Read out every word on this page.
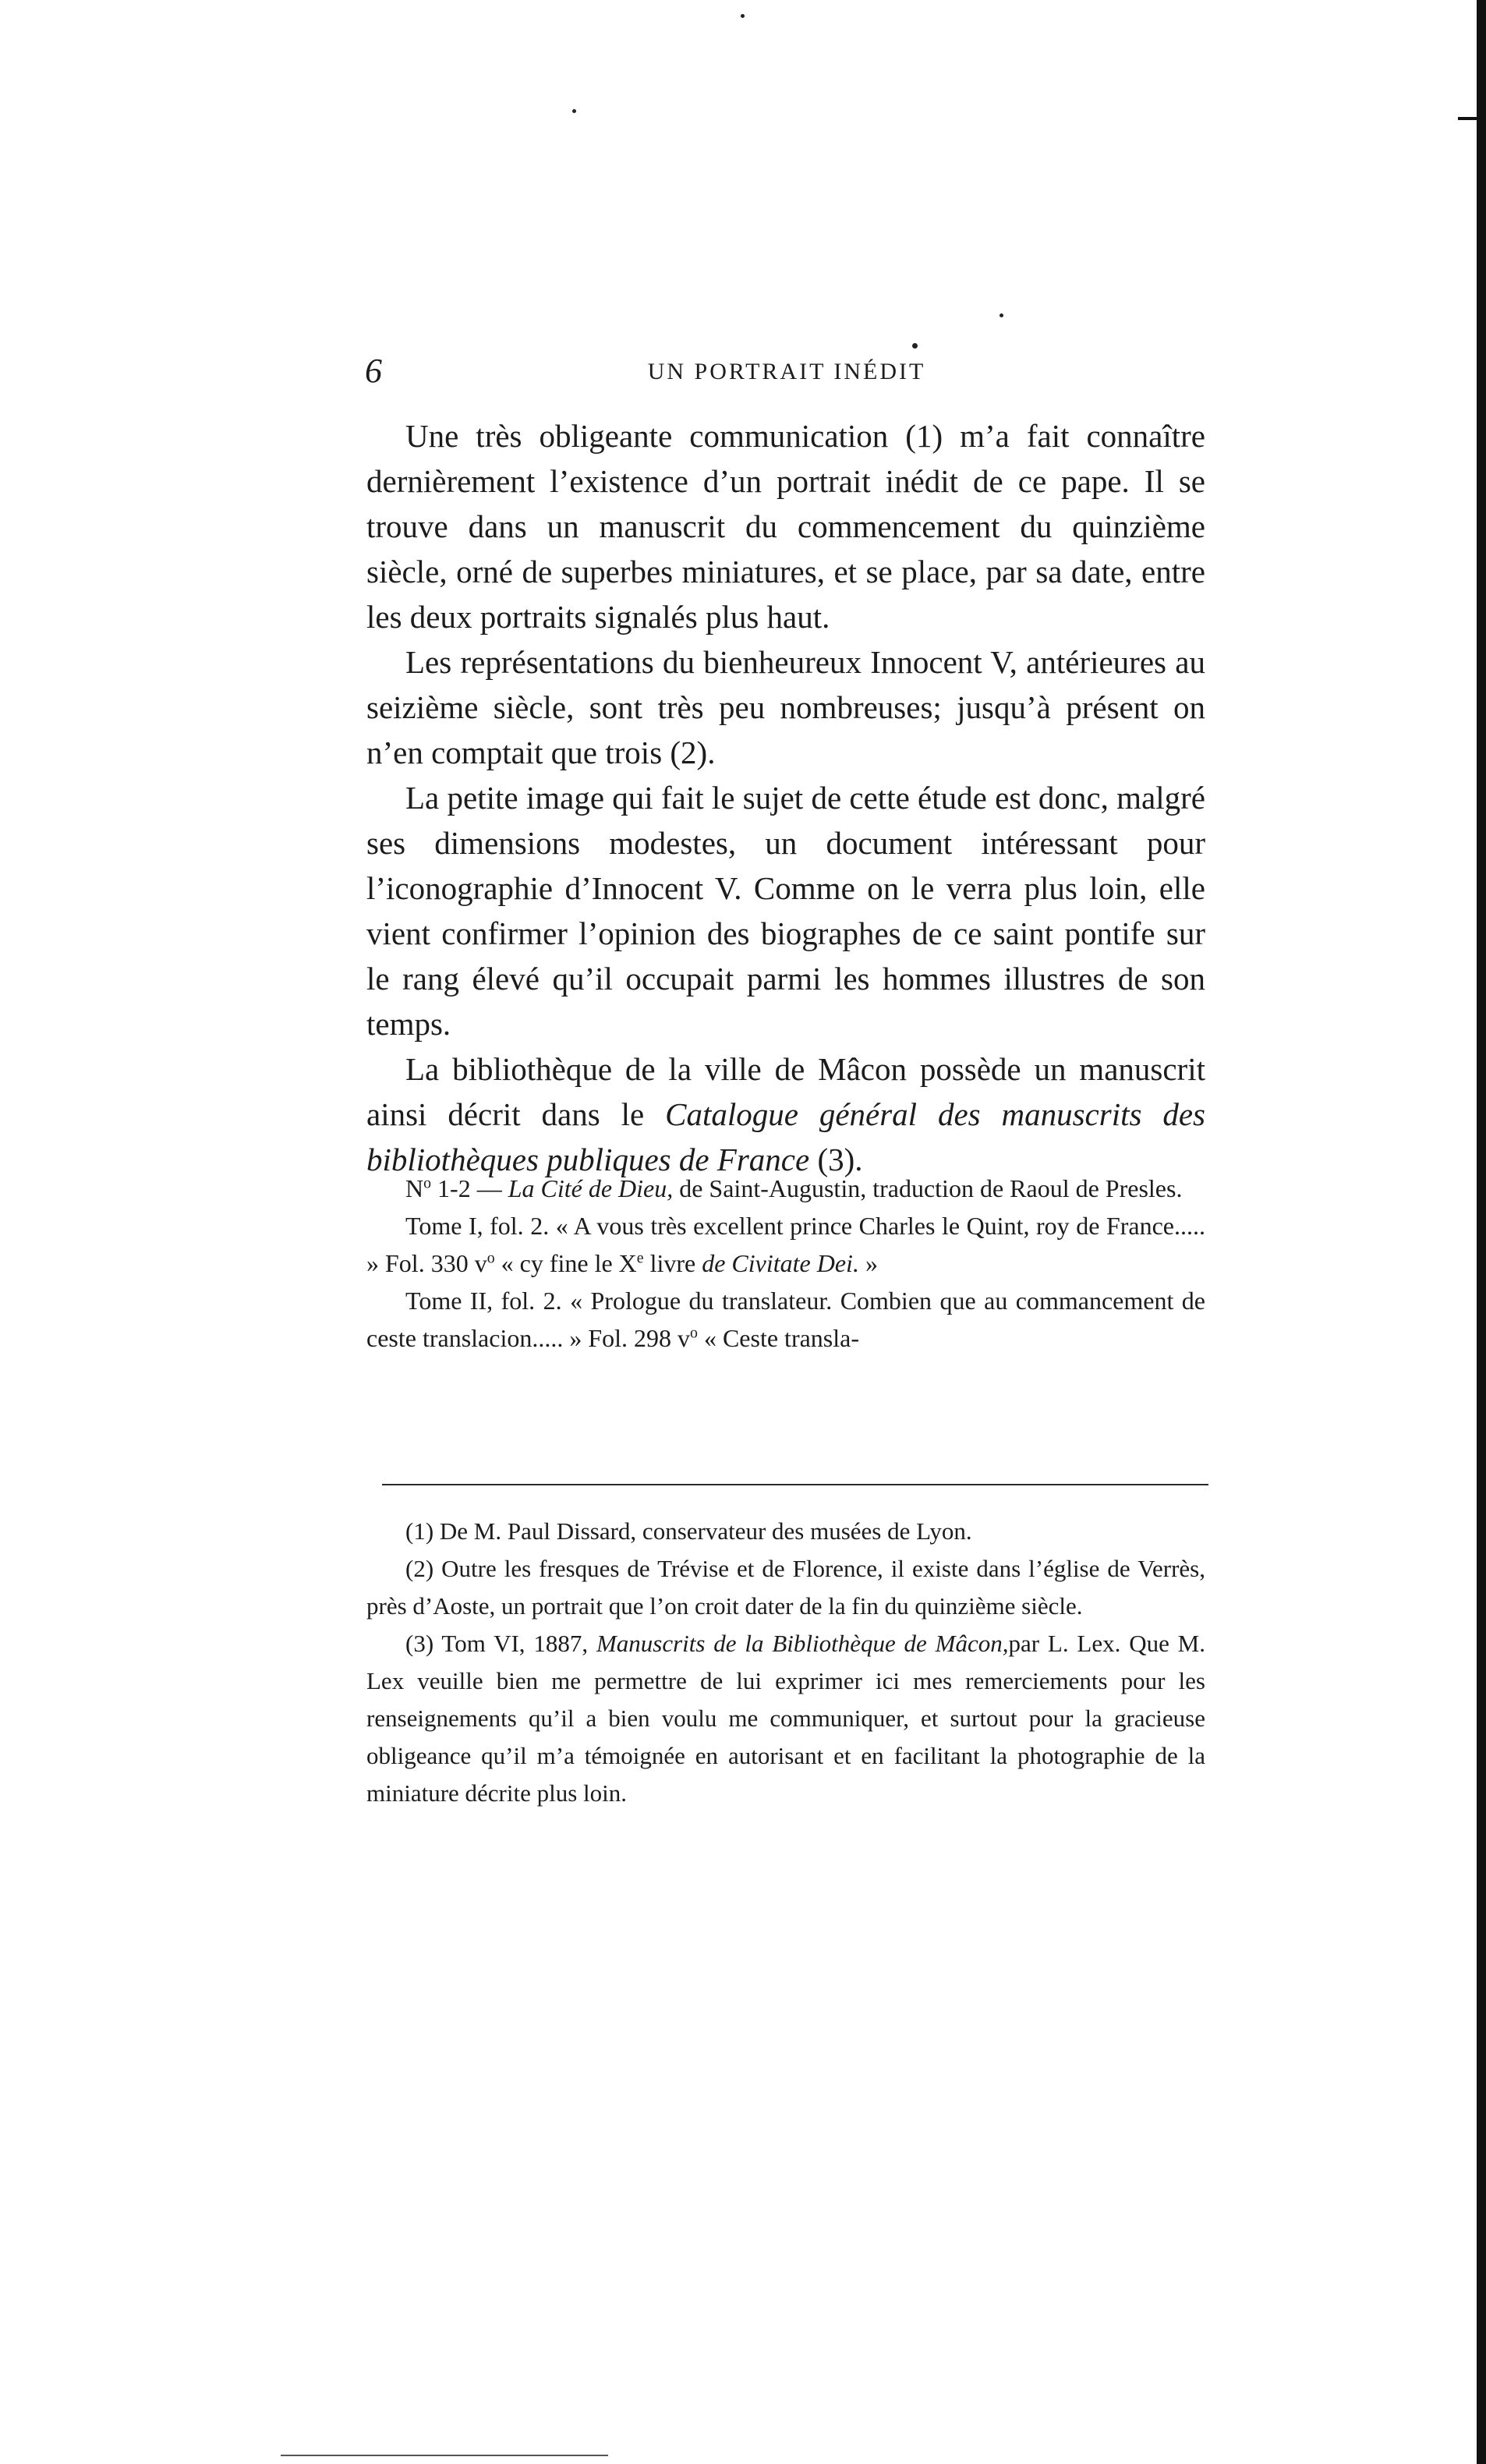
6	UN PORTRAIT INÉDIT

Une très obligeante communication (1) m’a fait connaître dernièrement l’existence d’un portrait inédit de ce pape. Il se trouve dans un manuscrit du commencement du quinzième siècle, orné de superbes miniatures, et se place, par sa date, entre les deux portraits signalés plus haut.

Les représentations du bienheureux Innocent V, antérieures au seizième siècle, sont très peu nombreuses; jusqu’à présent on n’en comptait que trois (2).

La petite image qui fait le sujet de cette étude est donc, malgré ses dimensions modestes, un document intéressant pour l’iconographie d’Innocent V. Comme on le verra plus loin, elle vient confirmer l’opinion des biographes de ce saint pontife sur le rang élevé qu’il occupait parmi les hommes illustres de son temps.

La bibliothèque de la ville de Mâcon possède un manuscrit ainsi décrit dans le Catalogue général des manuscrits des bibliothèques publiques de France (3).

$N^o$ 1-2 — La Cité de Dieu, de Saint-Augustin, traduction de Raoul de Presles.

Tome I, fol. 2. « A vous très excellent prince Charles le Quint, roy de France..... » Fol. 330 $v^o$ « cy fine le Xe livre de Civitate Dei. »

Tome II, fol. 2. « Prologue du translateur. Combien que au commancement de ceste translacion..... » Fol. 298 $v^o$ « Ceste transla-

(1) De M. Paul Dissard, conservateur des musées de Lyon.

(2) Outre les fresques de Trévise et de Florence, il existe dans l’église de Verrès, près d’Aoste, un portrait que l’on croit dater de la fin du quinzième siècle.

(3) Tom VI, 1887, Manuscrits de la Bibliothèque de Mâcon,par L. Lex. Que M. Lex veuille bien me permettre de lui exprimer ici mes remerciements pour les renseignements qu’il a bien voulu me communiquer, et surtout pour la gracieuse obligeance qu’il m’a témoignée en autorisant et en facilitant la photographie de la miniature décrite plus loin.
